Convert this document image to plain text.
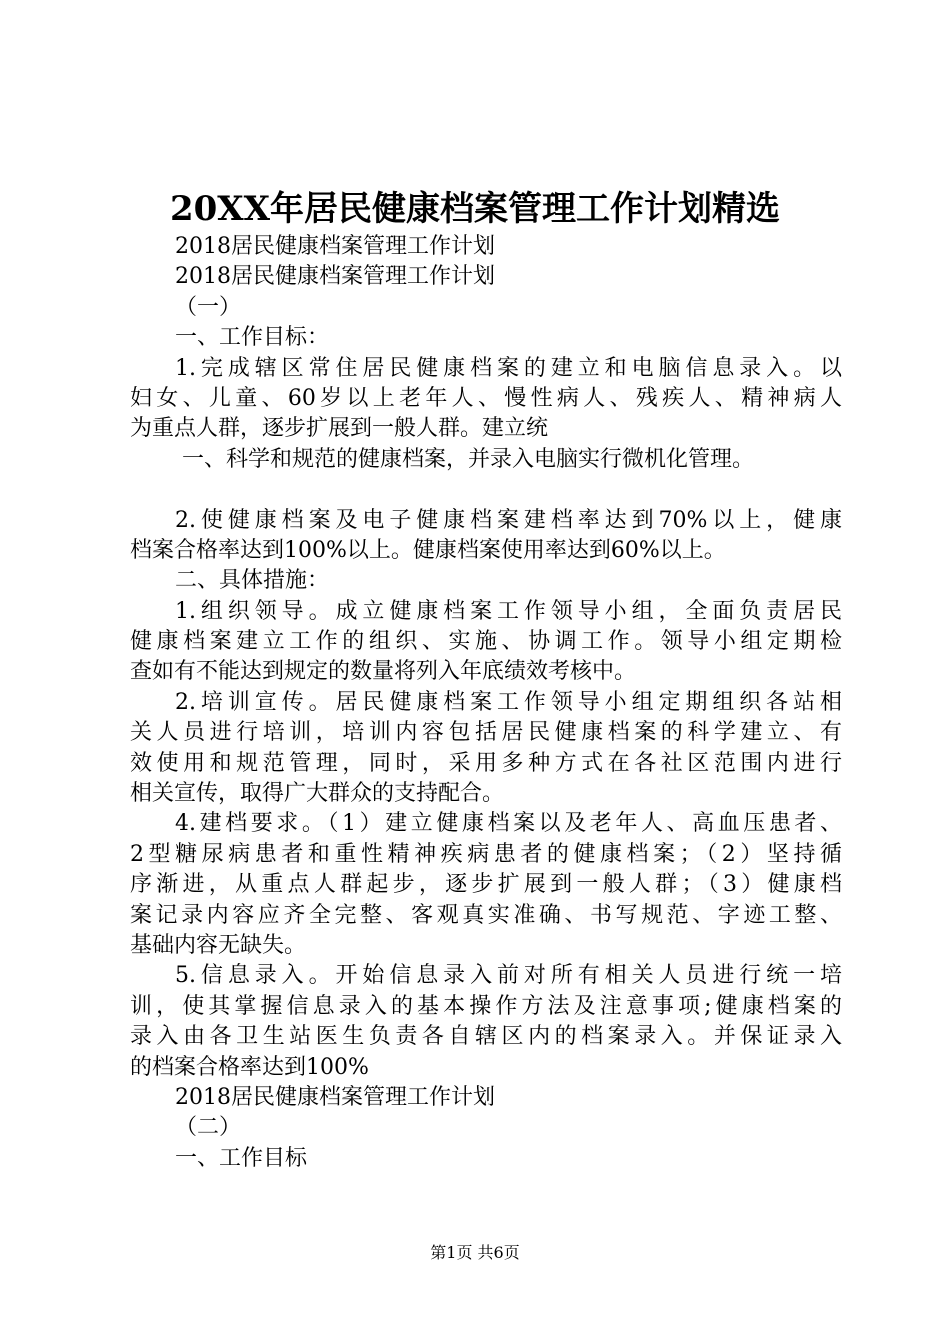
20XX年居民健康档案管理工作计划精选
2018居民健康档案管理工作计划
2018居民健康档案管理工作计划
（一）
一、工作目标：
1.完成辖区常住居民健康档案的建立和电脑信息录入。以
妇女、儿童、60岁以上老年人、慢性病人、残疾人、精神病人
为重点人群，逐步扩展到一般人群。建立统
一、科学和规范的健康档案，并录入电脑实行微机化管理。
2.使健康档案及电子健康档案建档率达到70%以上，健康
档案合格率达到100%以上。健康档案使用率达到60%以上。
二、具体措施：
1.组织领导。成立健康档案工作领导小组，全面负责居民
健康档案建立工作的组织、实施、协调工作。领导小组定期检
查如有不能达到规定的数量将列入年底绩效考核中。
2.培训宣传。居民健康档案工作领导小组定期组织各站相
关人员进行培训，培训内容包括居民健康档案的科学建立、有
效使用和规范管理，同时，采用多种方式在各社区范围内进行
相关宣传，取得广大群众的支持配合。
4.建档要求。（1）建立健康档案以及老年人、高血压患者、
2型糖尿病患者和重性精神疾病患者的健康档案；（2）坚持循
序渐进，从重点人群起步，逐步扩展到一般人群；（3）健康档
案记录内容应齐全完整、客观真实准确、书写规范、字迹工整、
基础内容无缺失。
5.信息录入。开始信息录入前对所有相关人员进行统一培
训，使其掌握信息录入的基本操作方法及注意事项;健康档案的
录入由各卫生站医生负责各自辖区内的档案录入。并保证录入
的档案合格率达到100%
2018居民健康档案管理工作计划
（二）
一、工作目标
第1页 共6页
